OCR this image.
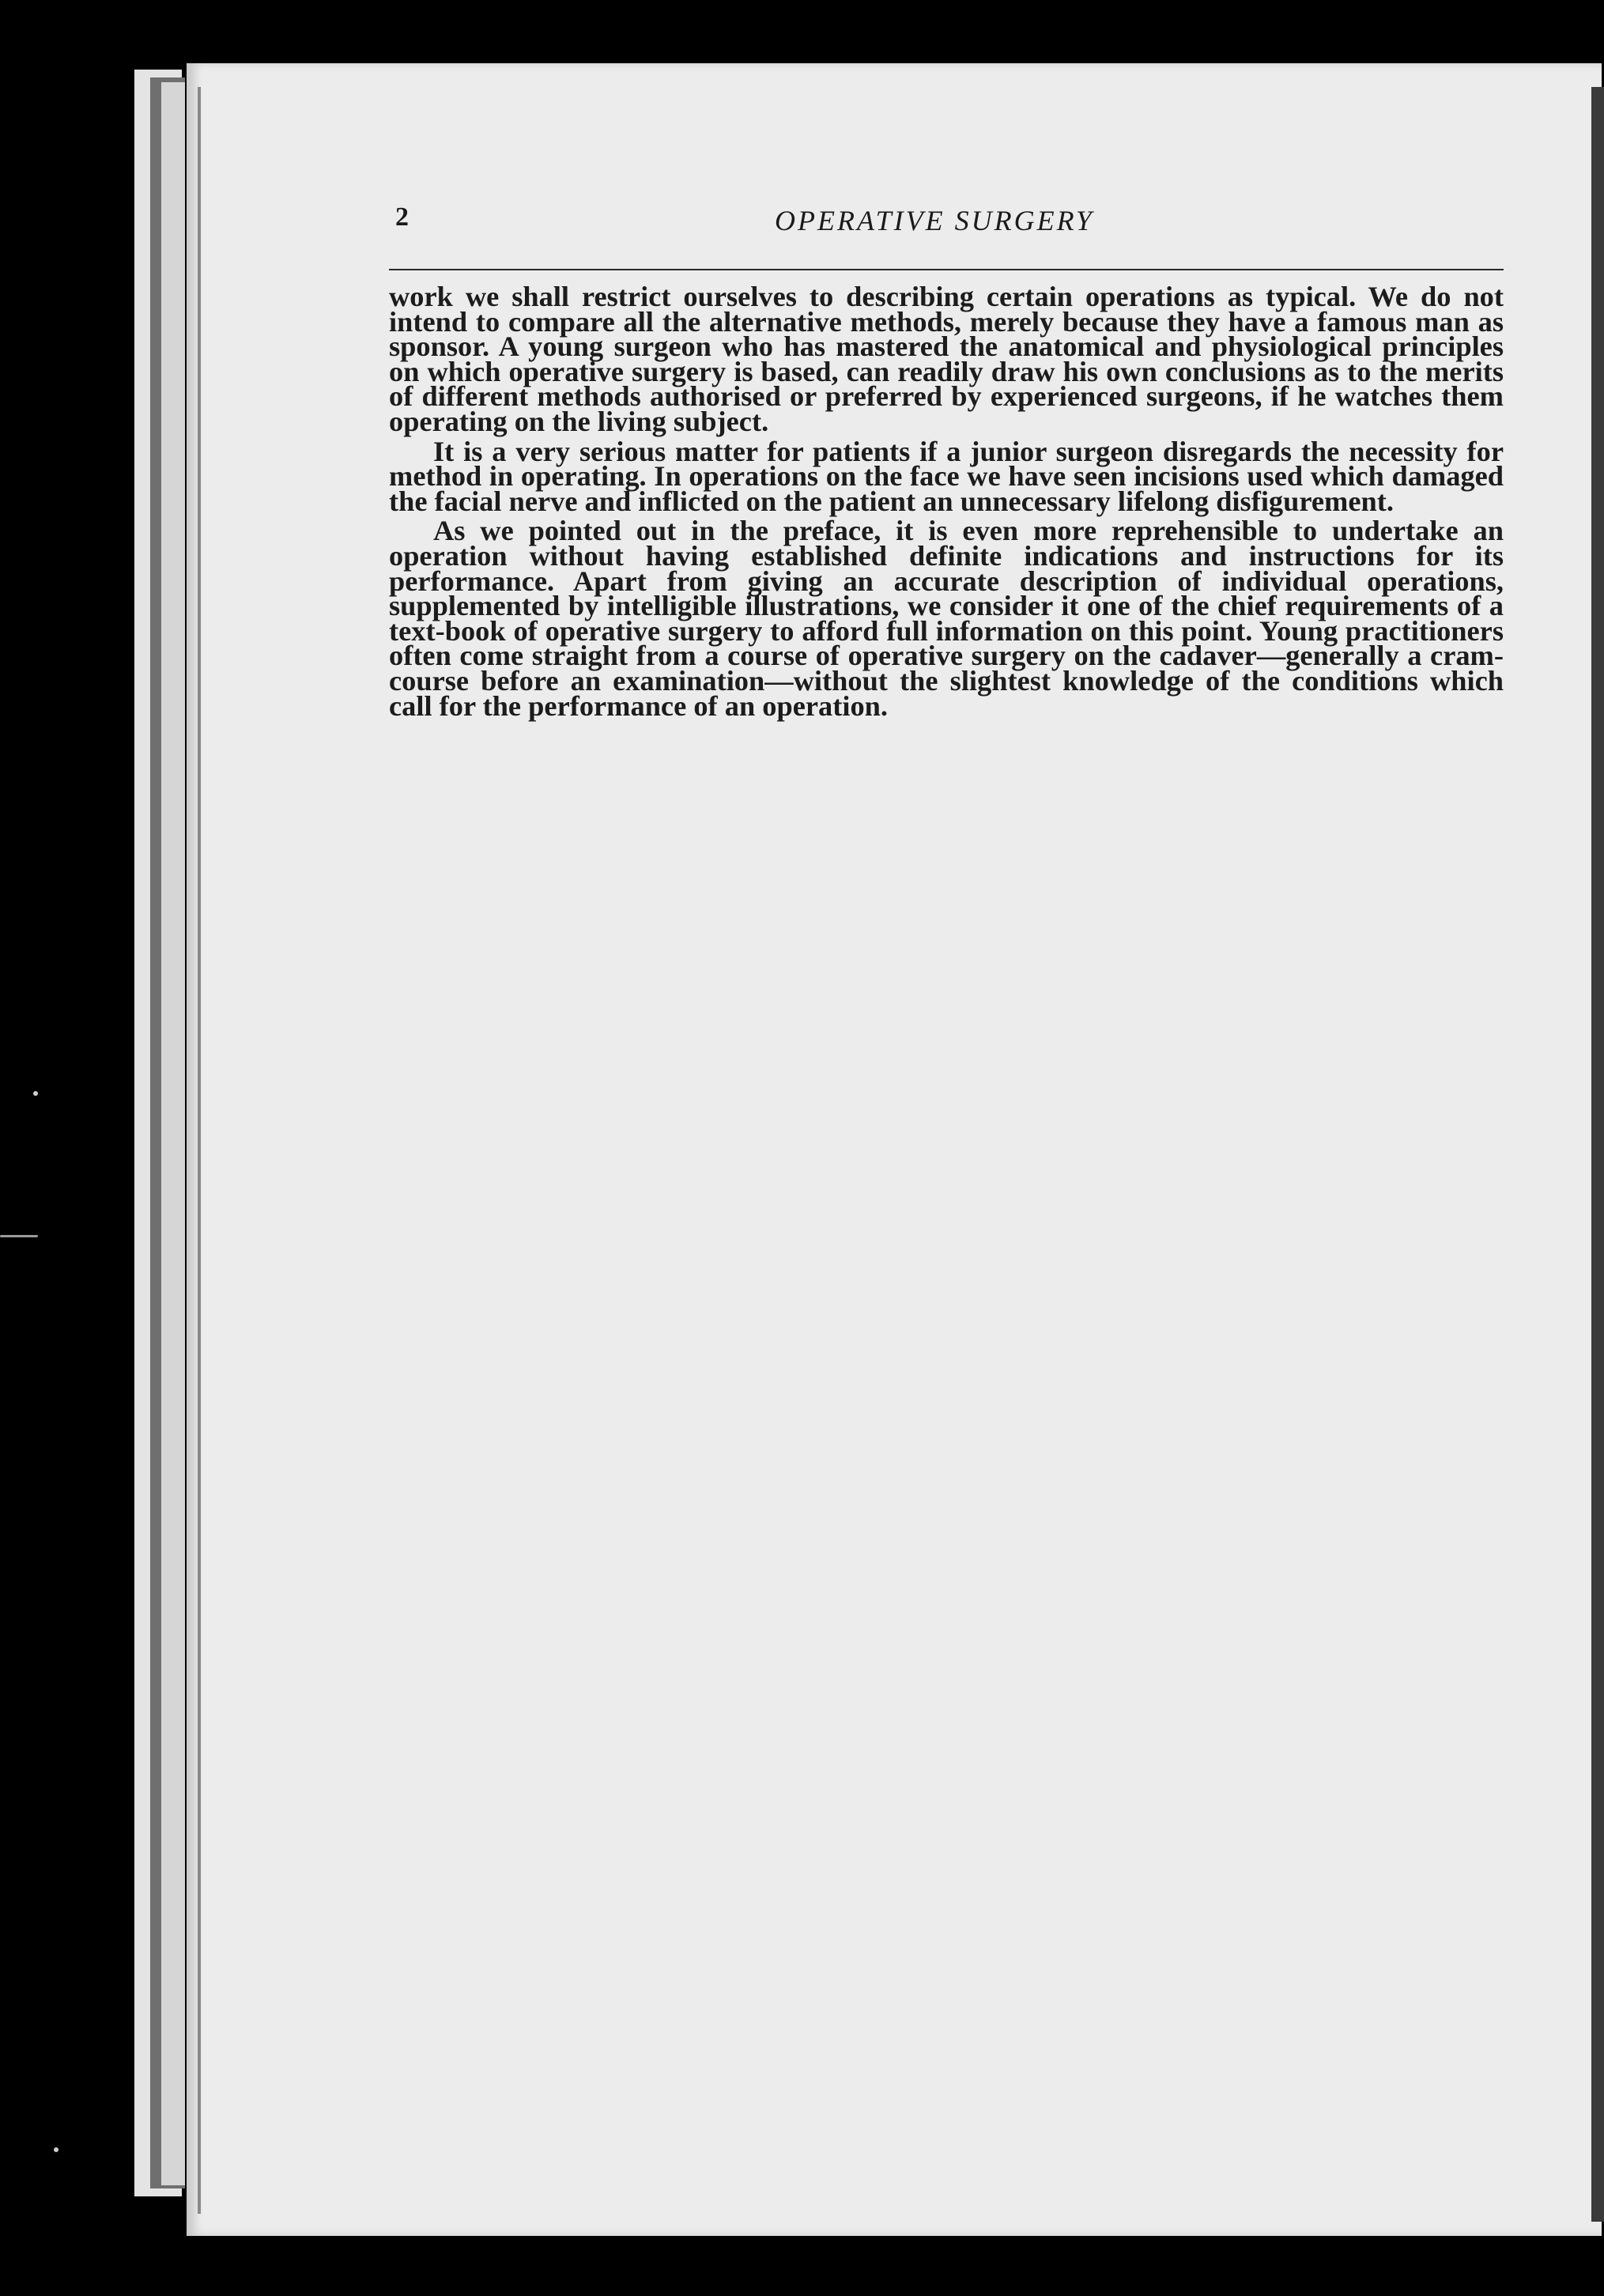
2	OPERATIVE SURGERY

work we shall restrict ourselves to describing certain operations as typical. We do not intend to compare all the alternative methods, merely because they have a famous man as sponsor. A young surgeon who has mastered the anatomical and physiological principles on which operative surgery is based, can readily draw his own conclusions as to the merits of different methods authorised or preferred by experienced surgeons, if he watches them operating on the living subject.

It is a very serious matter for patients if a junior surgeon disregards the necessity for method in operating. In operations on the face we have seen incisions used which damaged the facial nerve and inflicted on the patient an unnecessary lifelong disfigurement.

As we pointed out in the preface, it is even more reprehensible to undertake an operation without having established definite indications and instructions for its performance. Apart from giving an accurate description of individual operations, supplemented by intelligible illustrations, we consider it one of the chief requirements of a text-book of operative surgery to afford full information on this point. Young practitioners often come straight from a course of operative surgery on the cadaver—generally a cram-course before an examination—without the slightest knowledge of the conditions which call for the performance of an operation.
